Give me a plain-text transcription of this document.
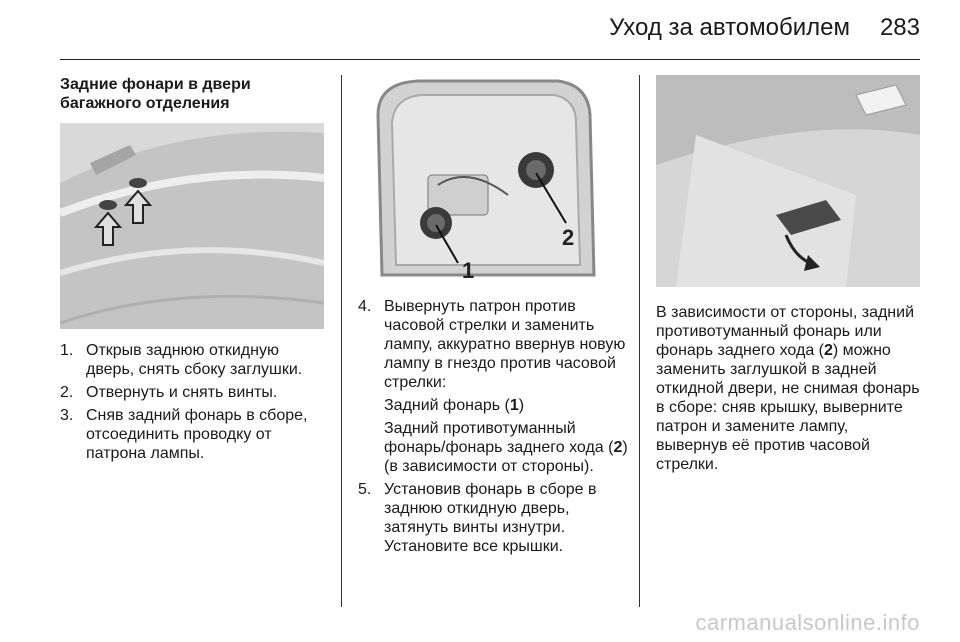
Уход за автомобилем 283
Задние фонари в двери багажного отделения
1. Открыв заднюю откидную дверь, снять сбоку заглушки.
2. Отвернуть и снять винты.
3. Сняв задний фонарь в сборе, отсоединить проводку от патрона лампы.
1
2
4. Вывернуть патрон против часовой стрелки и заменить лампу, аккуратно ввернув новую лампу в гнездо против часовой стрелки:

Задний фонарь (1)

Задний противотуманный фонарь/фонарь заднего хода (2) (в зависимости от стороны).

5. Установив фонарь в сборе в заднюю откидную дверь, затянуть винты изнутри. Установите все крышки.

В зависимости от стороны, задний противотуманный фонарь или фонарь заднего хода (2) можно заменить заглушкой в задней откидной двери, не снимая фонарь в сборе: сняв крышку, выверните патрон и замените лампу, вывернув её против часовой стрелки.

carmanualsonline.info
